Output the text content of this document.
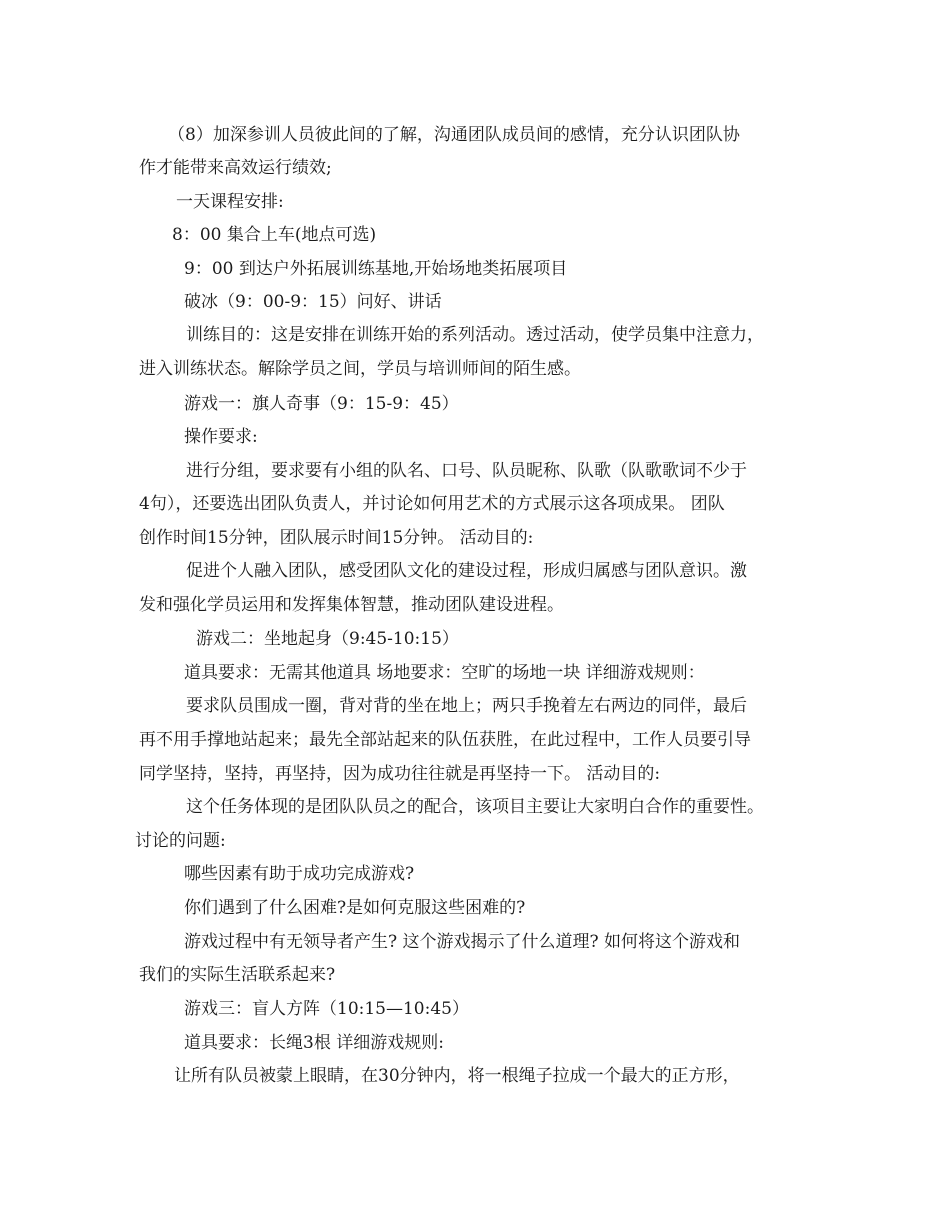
（8）加深参训人员彼此间的了解，沟通团队成员间的感情，充分认识团队协
作才能带来高效运行绩效;
一天课程安排:
8：00 集合上车(地点可选)
9：00 到达户外拓展训练基地,开始场地类拓展项目
破冰（9：00-9：15）问好、讲话
训练目的：这是安排在训练开始的系列活动。透过活动，使学员集中注意力，
进入训练状态。解除学员之间，学员与培训师间的陌生感。
游戏一：旗人奇事（9：15-9：45）
操作要求:
进行分组，要求要有小组的队名、口号、队员昵称、队歌（队歌歌词不少于
4句），还要选出团队负责人，并讨论如何用艺术的方式展示这各项成果。 团队
创作时间15分钟，团队展示时间15分钟。 活动目的:
促进个人融入团队，感受团队文化的建设过程，形成归属感与团队意识。激
发和强化学员运用和发挥集体智慧，推动团队建设进程。
游戏二：坐地起身（9:45-10:15）
道具要求：无需其他道具 场地要求：空旷的场地一块 详细游戏规则：
要求队员围成一圈，背对背的坐在地上；两只手挽着左右两边的同伴，最后
再不用手撑地站起来；最先全部站起来的队伍获胜，在此过程中，工作人员要引导
同学坚持，坚持，再坚持，因为成功往往就是再坚持一下。 活动目的:
这个任务体现的是团队队员之的配合，该项目主要让大家明白合作的重要性。
讨论的问题:
哪些因素有助于成功完成游戏?
你们遇到了什么困难?是如何克服这些困难的?
游戏过程中有无领导者产生? 这个游戏揭示了什么道理? 如何将这个游戏和
我们的实际生活联系起来?
游戏三：盲人方阵（10:15—10:45）
道具要求：长绳3根 详细游戏规则:
让所有队员被蒙上眼睛，在30分钟内，将一根绳子拉成一个最大的正方形，
